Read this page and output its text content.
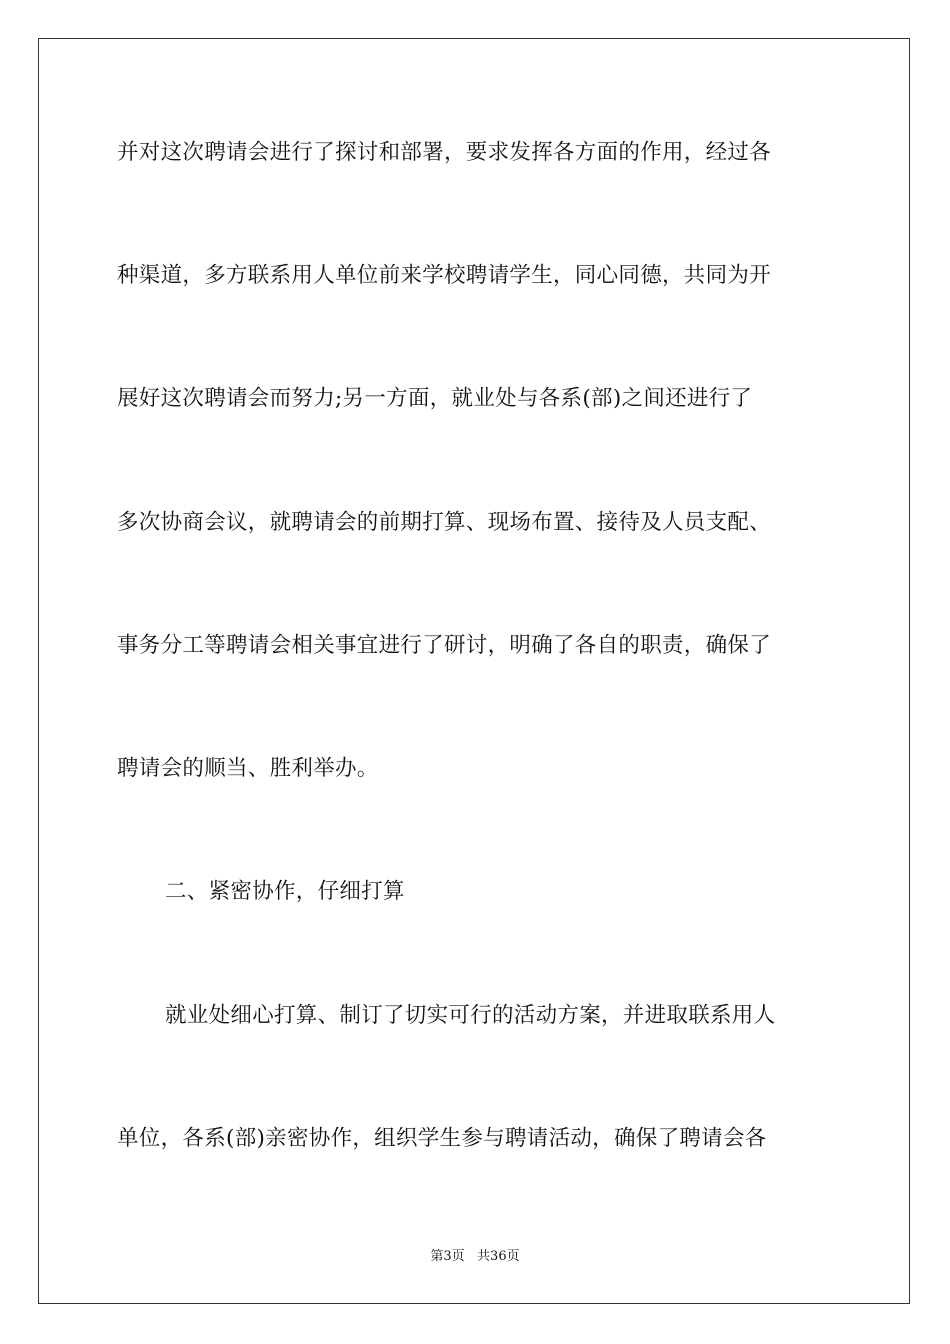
并对这次聘请会进行了探讨和部署，要求发挥各方面的作用，经过各
种渠道，多方联系用人单位前来学校聘请学生，同心同德，共同为开
展好这次聘请会而努力;另一方面，就业处与各系(部)之间还进行了
多次协商会议，就聘请会的前期打算、现场布置、接待及人员支配、
事务分工等聘请会相关事宜进行了研讨，明确了各自的职责，确保了
聘请会的顺当、胜利举办。
二、紧密协作，仔细打算
就业处细心打算、制订了切实可行的活动方案，并进取联系用人
单位，各系(部)亲密协作，组织学生参与聘请活动，确保了聘请会各
第3页   共36页
